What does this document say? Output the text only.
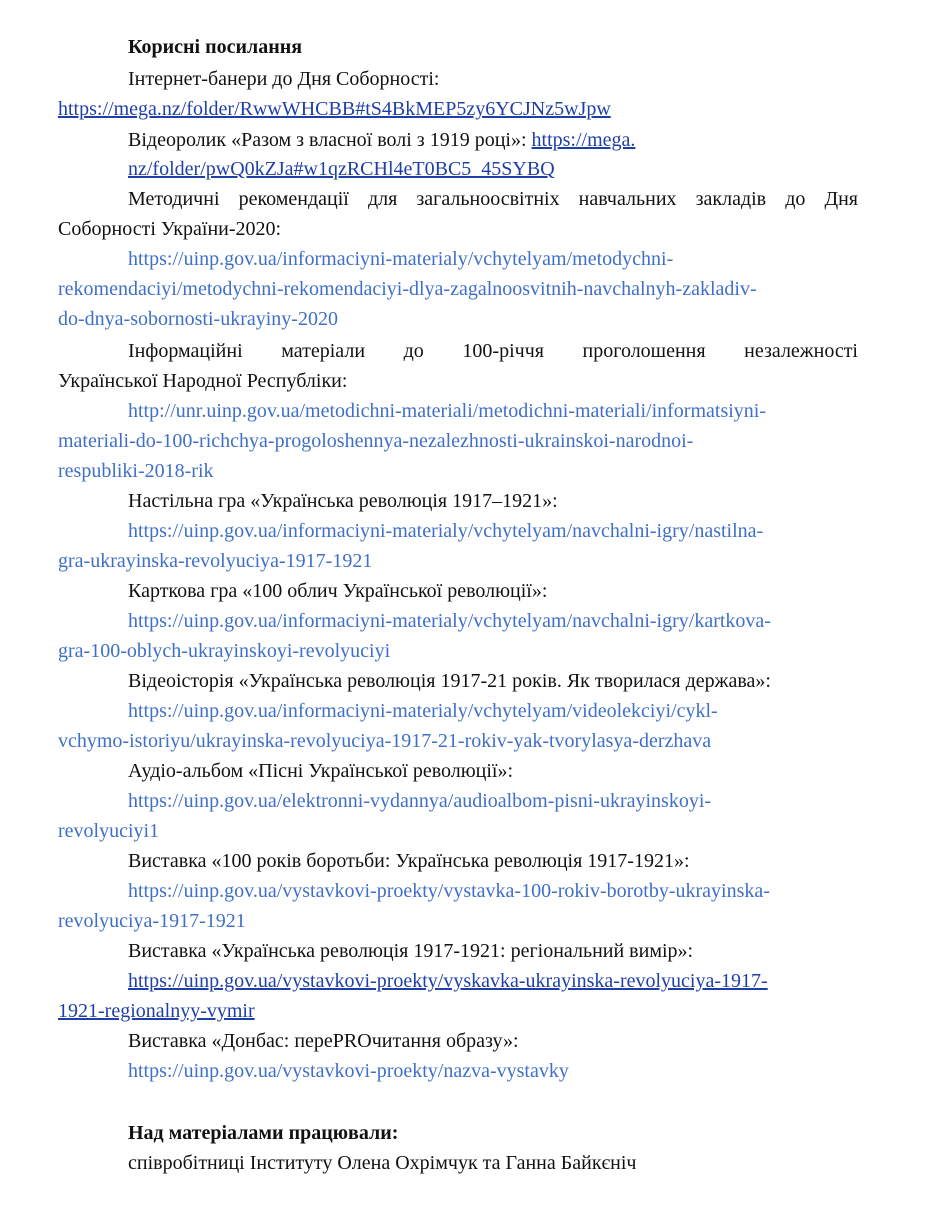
Корисні посилання
Інтернет-банери до Дня Соборності:
https://mega.nz/folder/RwwWHCBB#tS4BkMEP5zy6YCJNz5wJpw
Відеоролик «Разом з власної волі з 1919 році»: https://mega.
nz/folder/pwQ0kZJa#w1qzRCHl4eT0BC5_45SYBQ
Методичні рекомендації для загальноосвітніх навчальних закладів до Дня
Соборності України-2020:
https://uinp.gov.ua/informaciyni-materialy/vchytelyam/metodychni-
rekomendaciyi/metodychni-rekomendaciyi-dlya-zagalnoosvitnih-navchalnyh-zakladiv-
do-dnya-sobornosti-ukrayiny-2020
Інформаційні матеріали до 100-річчя проголошення незалежності
Української Народної Республіки:
http://unr.uinp.gov.ua/metodichni-materiali/metodichni-materiali/informatsiyni-
materiali-do-100-richchya-progoloshennya-nezalezhnosti-ukrainskoi-narodnoi-
respubliki-2018-rik
Настільна гра «Українська революція 1917–1921»:
https://uinp.gov.ua/informaciyni-materialy/vchytelyam/navchalni-igry/nastilna-
gra-ukrayinska-revolyuciya-1917-1921
Карткова гра «100 облич Української революції»:
https://uinp.gov.ua/informaciyni-materialy/vchytelyam/navchalni-igry/kartkova-
gra-100-oblych-ukrayinskoyi-revolyuciyi
Відеоісторія «Українська революція 1917-21 років. Як творилася держава»:
https://uinp.gov.ua/informaciyni-materialy/vchytelyam/videolekciyi/cykl-
vchymo-istoriyu/ukrayinska-revolyuciya-1917-21-rokiv-yak-tvorylasya-derzhava
Аудіо-альбом «Пісні Української революції»:
https://uinp.gov.ua/elektronni-vydannya/audioalbom-pisni-ukrayinskoyi-
revolyuciyi1
Виставка «100 років боротьби: Українська революція 1917-1921»:
https://uinp.gov.ua/vystavkovi-proekty/vystavka-100-rokiv-borotby-ukrayinska-
revolyuciya-1917-1921
Виставка «Українська революція 1917-1921: регіональний вимір»:
https://uinp.gov.ua/vystavkovi-proekty/vyskavka-ukrayinska-revolyuciya-1917-
1921-regionalnyy-vymir
Виставка «Донбас: переPROчитання образу»:
https://uinp.gov.ua/vystavkovi-proekty/nazva-vystavky
Над матеріалами працювали:
співробітниці Інституту Олена Охрімчук та Ганна Байкєніч
